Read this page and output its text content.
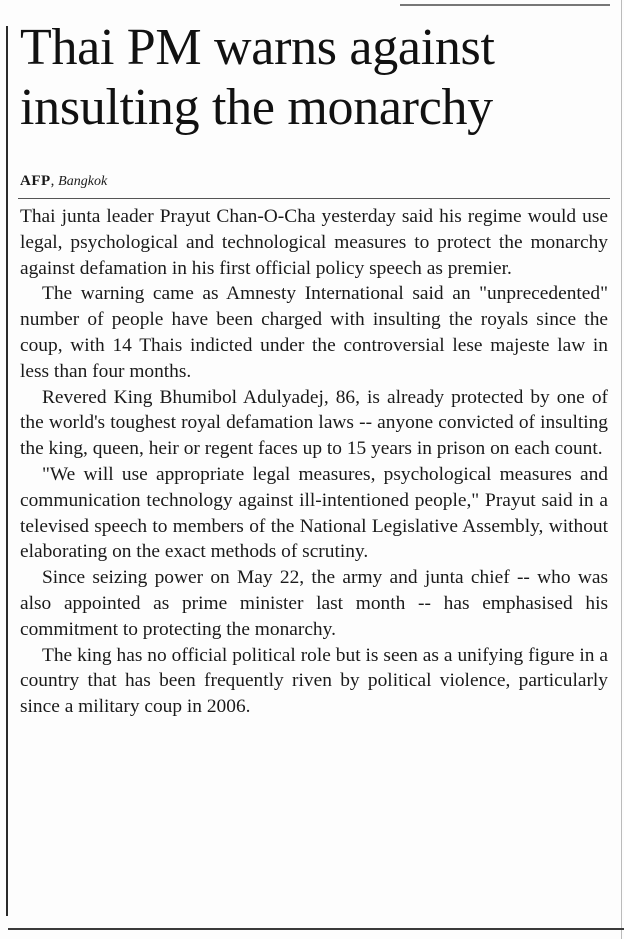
Thai PM warns against insulting the monarchy
AFP, Bangkok

Thai junta leader Prayut Chan-O-Cha yesterday said his regime would use legal, psychological and technological measures to protect the monarchy against defamation in his first official policy speech as premier.

The warning came as Amnesty International said an "unprecedented" number of people have been charged with insulting the royals since the coup, with 14 Thais indicted under the controversial lese majeste law in less than four months.

Revered King Bhumibol Adulyadej, 86, is already protected by one of the world's toughest royal defamation laws -- anyone convicted of insulting the king, queen, heir or regent faces up to 15 years in prison on each count.

"We will use appropriate legal measures, psychological measures and communication technology against ill-intentioned people," Prayut said in a televised speech to members of the National Legislative Assembly, without elaborating on the exact methods of scrutiny.

Since seizing power on May 22, the army and junta chief -- who was also appointed as prime minister last month -- has emphasised his commitment to protecting the monarchy.

The king has no official political role but is seen as a unifying figure in a country that has been frequently riven by political violence, particularly since a military coup in 2006.
